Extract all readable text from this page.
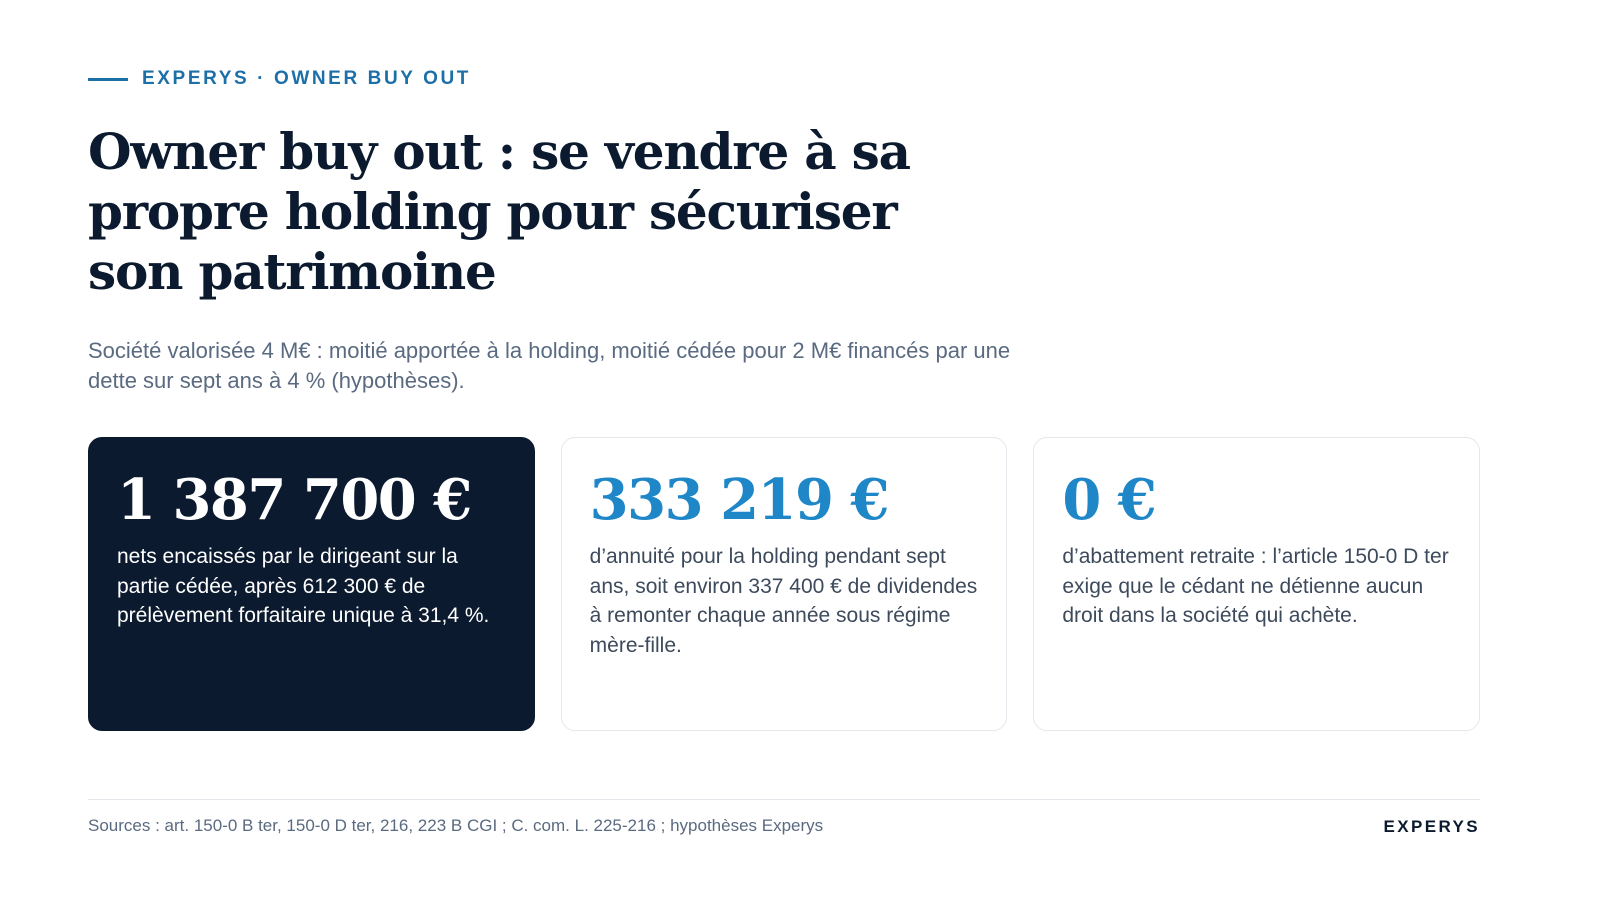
EXPERYS · OWNER BUY OUT
Owner buy out : se vendre à sa propre holding pour sécuriser son patrimoine

Société valorisée 4 M€ : moitié apportée à la holding, moitié cédée pour 2 M€ financés par une dette sur sept ans à 4 % (hypothèses).

1 387 700 €
nets encaissés par le dirigeant sur la partie cédée, après 612 300 € de prélèvement forfaitaire unique à 31,4 %.
333 219 €
d’annuité pour la holding pendant sept ans, soit environ 337 400 € de dividendes à remonter chaque année sous régime mère-fille.
0 €
d’abattement retraite : l’article 150-0 D ter exige que le cédant ne détienne aucun droit dans la société qui achète.
Sources : art. 150-0 B ter, 150-0 D ter, 216, 223 B CGI ; C. com. L. 225-216 ; hypothèses Experys	EXPERYS
